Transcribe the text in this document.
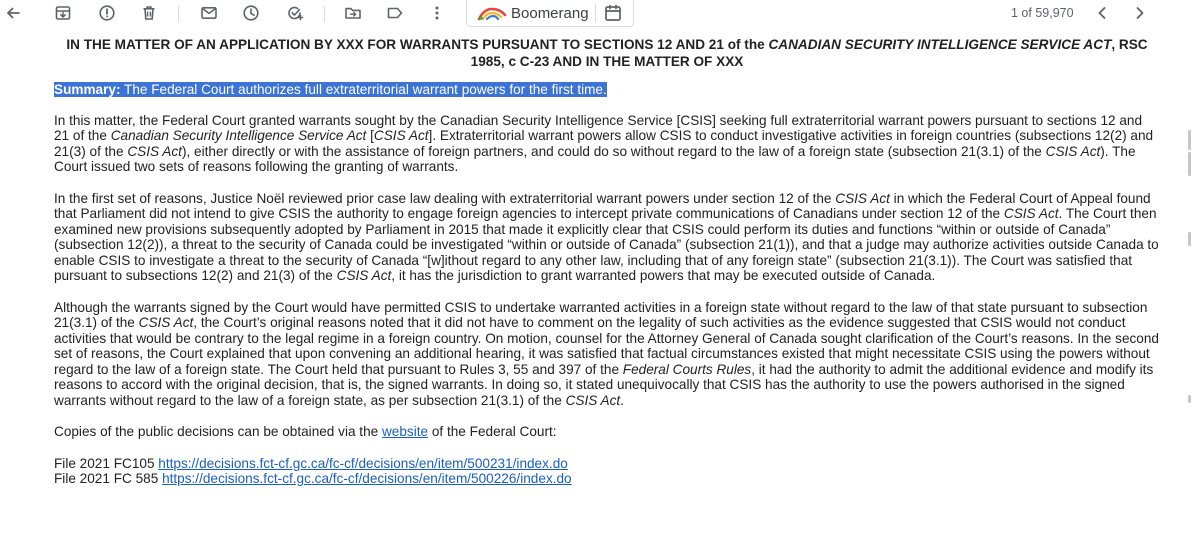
Boomerang	1 of 59,970

IN THE MATTER OF AN APPLICATION BY XXX FOR WARRANTS PURSUANT TO SECTIONS 12 AND 21 of the CANADIAN SECURITY INTELLIGENCE SERVICE ACT, RSC 1985, c C-23 AND IN THE MATTER OF XXX

Summary: The Federal Court authorizes full extraterritorial warrant powers for the first time.

In this matter, the Federal Court granted warrants sought by the Canadian Security Intelligence Service [CSIS] seeking full extraterritorial warrant powers pursuant to sections 12 and 21 of the Canadian Security Intelligence Service Act [CSIS Act]. Extraterritorial warrant powers allow CSIS to conduct investigative activities in foreign countries (subsections 12(2) and 21(3) of the CSIS Act), either directly or with the assistance of foreign partners, and could do so without regard to the law of a foreign state (subsection 21(3.1) of the CSIS Act). The Court issued two sets of reasons following the granting of warrants.

In the first set of reasons, Justice Noël reviewed prior case law dealing with extraterritorial warrant powers under section 12 of the CSIS Act in which the Federal Court of Appeal found that Parliament did not intend to give CSIS the authority to engage foreign agencies to intercept private communications of Canadians under section 12 of the CSIS Act. The Court then examined new provisions subsequently adopted by Parliament in 2015 that made it explicitly clear that CSIS could perform its duties and functions “within or outside of Canada” (subsection 12(2)), a threat to the security of Canada could be investigated “within or outside of Canada” (subsection 21(1)), and that a judge may authorize activities outside Canada to enable CSIS to investigate a threat to the security of Canada “[w]ithout regard to any other law, including that of any foreign state” (subsection 21(3.1)). The Court was satisfied that pursuant to subsections 12(2) and 21(3) of the CSIS Act, it has the jurisdiction to grant warranted powers that may be executed outside of Canada.

Although the warrants signed by the Court would have permitted CSIS to undertake warranted activities in a foreign state without regard to the law of that state pursuant to subsection 21(3.1) of the CSIS Act, the Court’s original reasons noted that it did not have to comment on the legality of such activities as the evidence suggested that CSIS would not conduct activities that would be contrary to the legal regime in a foreign country. On motion, counsel for the Attorney General of Canada sought clarification of the Court’s reasons. In the second set of reasons, the Court explained that upon convening an additional hearing, it was satisfied that factual circumstances existed that might necessitate CSIS using the powers without regard to the law of a foreign state. The Court held that pursuant to Rules 3, 55 and 397 of the Federal Courts Rules, it had the authority to admit the additional evidence and modify its reasons to accord with the original decision, that is, the signed warrants. In doing so, it stated unequivocally that CSIS has the authority to use the powers authorised in the signed warrants without regard to the law of a foreign state, as per subsection 21(3.1) of the CSIS Act.

Copies of the public decisions can be obtained via the website of the Federal Court:

File 2021 FC105 https://decisions.fct-cf.gc.ca/fc-cf/decisions/en/item/500231/index.do
File 2021 FC 585 https://decisions.fct-cf.gc.ca/fc-cf/decisions/en/item/500226/index.do
